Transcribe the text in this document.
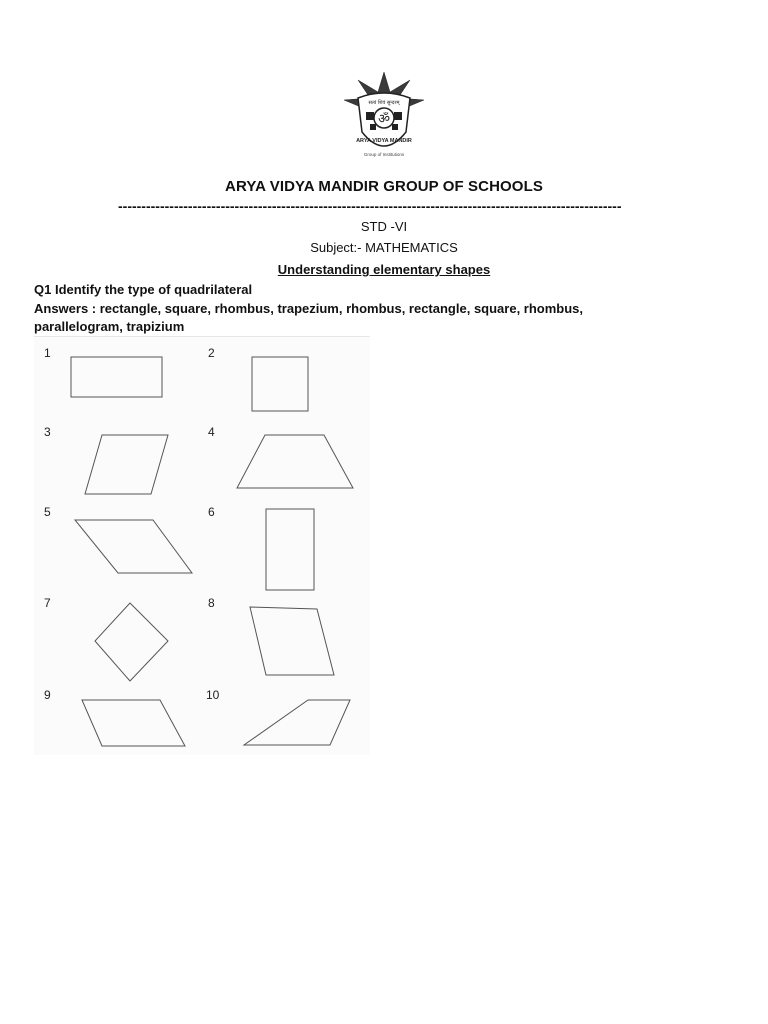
ॐ
सत्यं शिवं सुन्दरम्
ARYA VIDYA MANDIR
Group of Institutions
ARYA VIDYA MANDIR GROUP OF SCHOOLS
------------------------------------------------------------------------------------------------------------
STD -VI
Subject:- MATHEMATICS
Understanding elementary shapes
Q1 Identify the type of quadrilateral
Answers : rectangle, square, rhombus, trapezium, rhombus, rectangle, square, rhombus, parallelogram, trapizium
1	2
3	4
5	6
7	8
9	10
